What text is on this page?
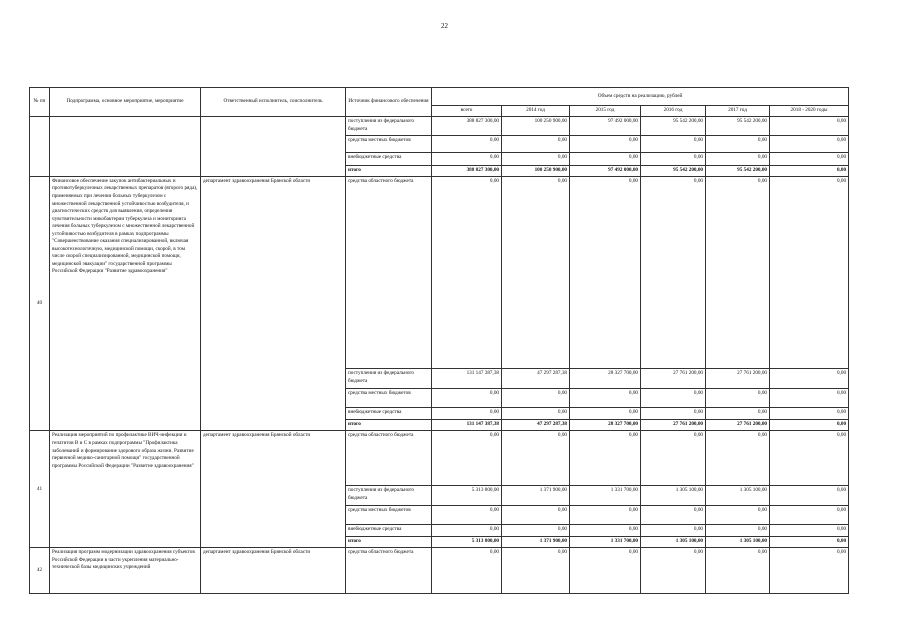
22
№ пп	Подпрограмма, основное мероприятие, мероприятие	Ответственный исполнитель, соисполнитель	Источник финансового обеспечения	Объем средств на реализацию, рублей					
				всего	2014 год	2015 год	2016 год	2017 год	2018 - 2020 годы
			поступления из федерального бюджета	388 827 300,00	100 250 900,00	97 492 000,00	95 542 200,00	95 542 200,00	0,00
			средства местных бюджетов	0,00	0,00	0,00	0,00	0,00	0,00
			внебюджетные средства	0,00	0,00	0,00	0,00	0,00	0,00
			итого	388 827 300,00	100 250 900,00	97 492 000,00	95 542 200,00	95 542 200,00	0,00
40	Финансовое обеспечение закупок антибактериальных и противотуберкулезных лекарственных препаратов (второго ряда), применяемых при лечении больных туберкулезом с множественной лекарственной устойчивостью возбудителя, и диагностических средств для выявления, определения чувствительности микобактерии туберкулеза и мониторинга лечения больных туберкулезом с множественной лекарственной устойчивостью возбудителя в рамках подпрограммы "Совершенствование оказания специализированной, включая высокотехнологичную, медицинской помощи, скорой, в том числе скорой специализированной, медицинской помощи, медицинской эвакуации" государственной программы Российской Федерации "Развитие здравоохранения"	департамент здравоохранения Брянской области	средства областного бюджета	0,00	0,00	0,00	0,00	0,00	0,00
			поступления из федерального бюджета	131 147 387,38	47 297 287,38	28 327 700,00	27 761 200,00	27 761 200,00	0,00
			средства местных бюджетов	0,00	0,00	0,00	0,00	0,00	0,00
			внебюджетные средства	0,00	0,00	0,00	0,00	0,00	0,00
			итого	131 147 387,38	47 297 287,38	28 327 700,00	27 761 200,00	27 761 200,00	0,00
41	Реализация мероприятий по профилактике ВИЧ-инфекции и гепатитов В и С в рамках подпрограммы "Профилактика заболеваний и формирование здорового образа жизни. Развитие первичной медико-санитарной помощи" государственной программы Российской Федерации "Развитие здравоохранения"	департамент здравоохранения Брянской области	средства областного бюджета	0,00	0,00	0,00	0,00	0,00	0,00
			поступления из федерального бюджета	5 313 800,00	1 371 900,00	1 331 700,00	1 305 100,00	1 305 100,00	0,00
			средства местных бюджетов	0,00	0,00	0,00	0,00	0,00	0,00
			внебюджетные средства	0,00	0,00	0,00	0,00	0,00	0,00
			итого	5 313 800,00	1 371 900,00	1 331 700,00	1 305 100,00	1 305 100,00	0,00
42	Реализация программ модернизации здравоохранения субъектов Российской Федерации в части укрепления материально-технической базы медицинских учреждений	департамент здравоохранения Брянской области	средства областного бюджета	0,00	0,00	0,00	0,00	0,00	0,00
